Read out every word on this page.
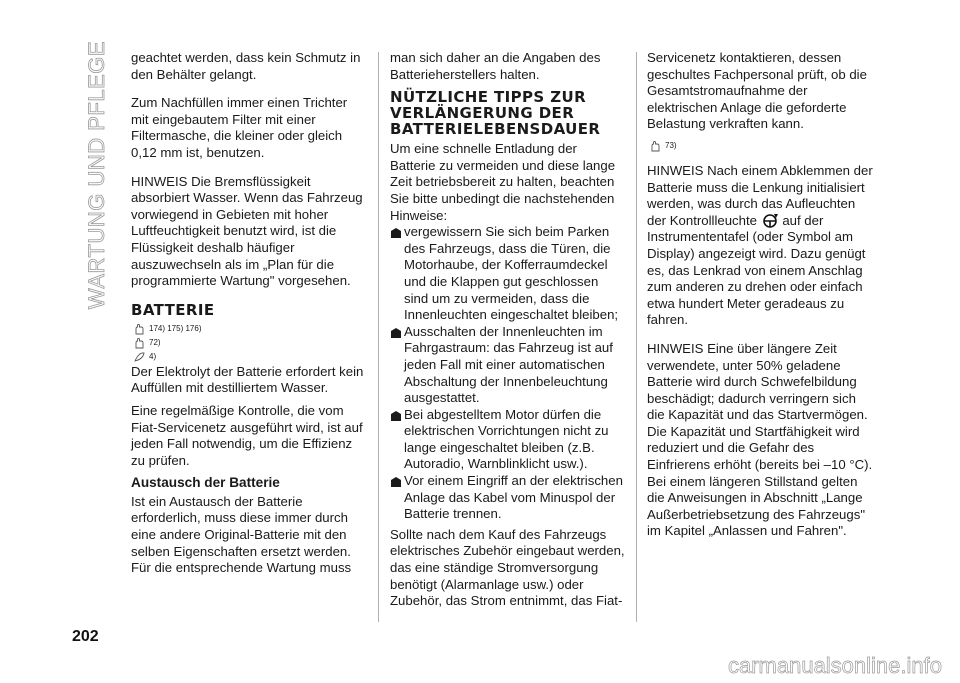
WARTUNG UND PFLEGE geachtet werden, dass kein Schmutz in den Behälter gelangt.

Zum Nachfüllen immer einen Trichter mit eingebautem Filter mit einer Filtermasche, die kleiner oder gleich 0,12 mm ist, benutzen.

HINWEIS Die Bremsflüssigkeit absorbiert Wasser. Wenn das Fahrzeug vorwiegend in Gebieten mit hoher Luftfeuchtigkeit benutzt wird, ist die Flüssigkeit deshalb häufiger auszuwechseln als im „Plan für die programmierte Wartung" vorgesehen.

BATTERIE
174) 175) 176)
72)
4)

Der Elektrolyt der Batterie erfordert kein Auffüllen mit destilliertem Wasser.

Eine regelmäßige Kontrolle, die vom Fiat-Servicenetz ausgeführt wird, ist auf jeden Fall notwendig, um die Effizienz zu prüfen.

Austausch der Batterie

Ist ein Austausch der Batterie erforderlich, muss diese immer durch eine andere Original-Batterie mit den selben Eigenschaften ersetzt werden. Für die entsprechende Wartung muss

man sich daher an die Angaben des Batterieherstellers halten.

NÜTZLICHE TIPPS ZUR VERLÄNGERUNG DER BATTERIELEBENSDAUER

Um eine schnelle Entladung der Batterie zu vermeiden und diese lange Zeit betriebsbereit zu halten, beachten Sie bitte unbedingt die nachstehenden Hinweise:

vergewissern Sie sich beim Parken des Fahrzeugs, dass die Türen, die Motorhaube, der Kofferraumdeckel und die Klappen gut geschlossen sind um zu vermeiden, dass die Innenleuchten eingeschaltet bleiben;
Ausschalten der Innenleuchten im Fahrgastraum: das Fahrzeug ist auf jeden Fall mit einer automatischen Abschaltung der Innenbeleuchtung ausgestattet.
Bei abgestelltem Motor dürfen die elektrischen Vorrichtungen nicht zu lange eingeschaltet bleiben (z.B. Autoradio, Warnblinklicht usw.).
Vor einem Eingriff an der elektrischen Anlage das Kabel vom Minuspol der Batterie trennen.

Sollte nach dem Kauf des Fahrzeugs elektrisches Zubehör eingebaut werden, das eine ständige Stromversorgung benötigt (Alarmanlage usw.) oder Zubehör, das Strom entnimmt, das Fiat-

Servicenetz kontaktieren, dessen geschultes Fachpersonal prüft, ob die Gesamtstromaufnahme der elektrischen Anlage die geforderte Belastung verkraften kann.

73)

HINWEIS Nach einem Abklemmen der Batterie muss die Lenkung initialisiert werden, was durch das Aufleuchten der Kontrollleuchte auf der Instrumententafel (oder Symbol am Display) angezeigt wird. Dazu genügt es, das Lenkrad von einem Anschlag zum anderen zu drehen oder einfach etwa hundert Meter geradeaus zu fahren.

HINWEIS Eine über längere Zeit verwendete, unter 50% geladene Batterie wird durch Schwefelbildung beschädigt; dadurch verringern sich die Kapazität und das Startvermögen. Die Kapazität und Startfähigkeit wird reduziert und die Gefahr des Einfrierens erhöht (bereits bei –10 °C). Bei einem längeren Stillstand gelten die Anweisungen in Abschnitt „Lange Außerbetriebsetzung des Fahrzeugs" im Kapitel „Anlassen und Fahren".

202
carmanualsonline.info
